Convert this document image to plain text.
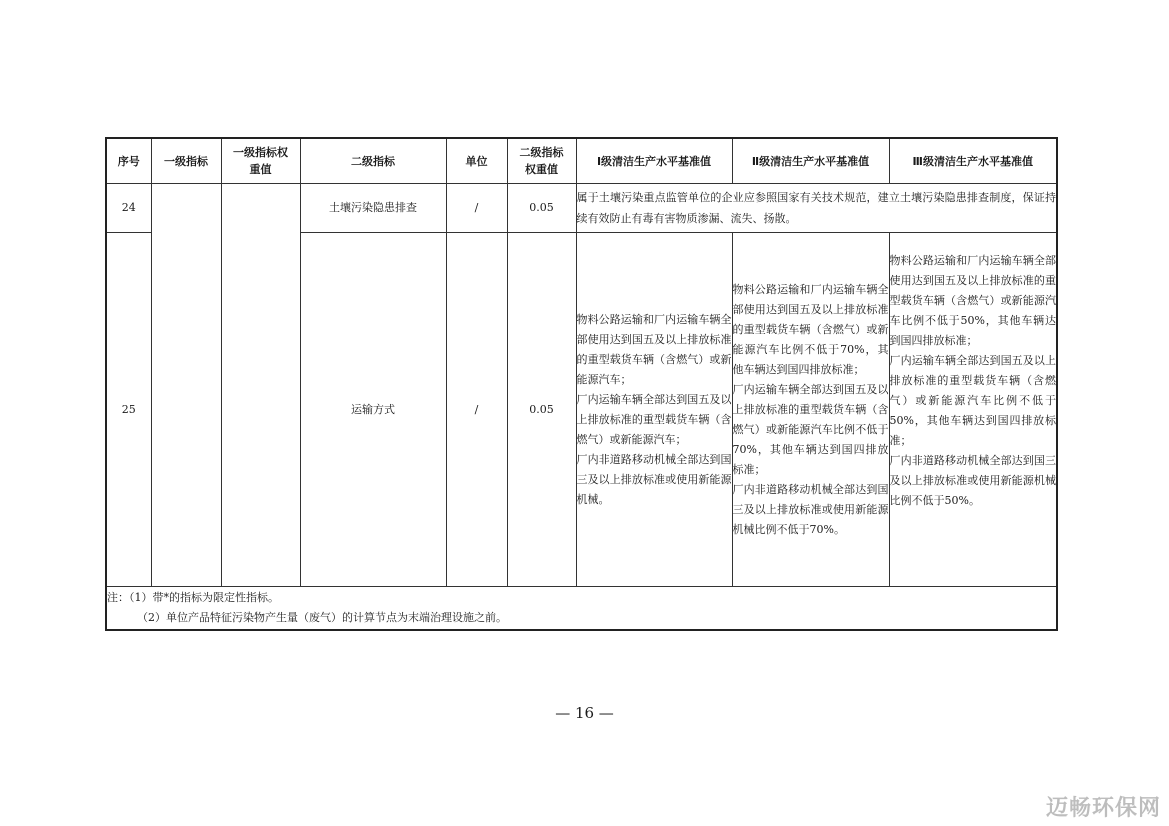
序号	一级指标	一级指标权重值	二级指标	单位	二级指标权重值	Ⅰ级清洁生产水平基准值	Ⅱ级清洁生产水平基准值	Ⅲ级清洁生产水平基准值
24			土壤污染隐患排查	/	0.05	属于土壤污染重点监管单位的企业应参照国家有关技术规范，建立土壤污染隐患排查制度，保证持续有效防止有毒有害物质渗漏、流失、扬散。		
25			运输方式	/	0.05	物料公路运输和厂内运输车辆全部使用达到国五及以上排放标准的重型载货车辆（含燃气）或新能源汽车；
厂内运输车辆全部达到国五及以上排放标准的重型载货车辆（含燃气）或新能源汽车；
厂内非道路移动机械全部达到国三及以上排放标准或使用新能源机械。	物料公路运输和厂内运输车辆全部使用达到国五及以上排放标准的重型载货车辆（含燃气）或新能源汽车比例不低于70%，其他车辆达到国四排放标准；
厂内运输车辆全部达到国五及以上排放标准的重型载货车辆（含燃气）或新能源汽车比例不低于70%，其他车辆达到国四排放标准；
厂内非道路移动机械全部达到国三及以上排放标准或使用新能源机械比例不低于70%。	物料公路运输和厂内运输车辆全部使用达到国五及以上排放标准的重型载货车辆（含燃气）或新能源汽车比例不低于50%，其他车辆达到国四排放标准；
厂内运输车辆全部达到国五及以上排放标准的重型载货车辆（含燃气）或新能源汽车比例不低于50%，其他车辆达到国四排放标准；
厂内非道路移动机械全部达到国三及以上排放标准或使用新能源机械比例不低于50%。

注：（1）带*的指标为限定性指标。
（2）单位产品特征污染物产生量（废气）的计算节点为末端治理设施之前。								
— 16 —
迈畅环保网
